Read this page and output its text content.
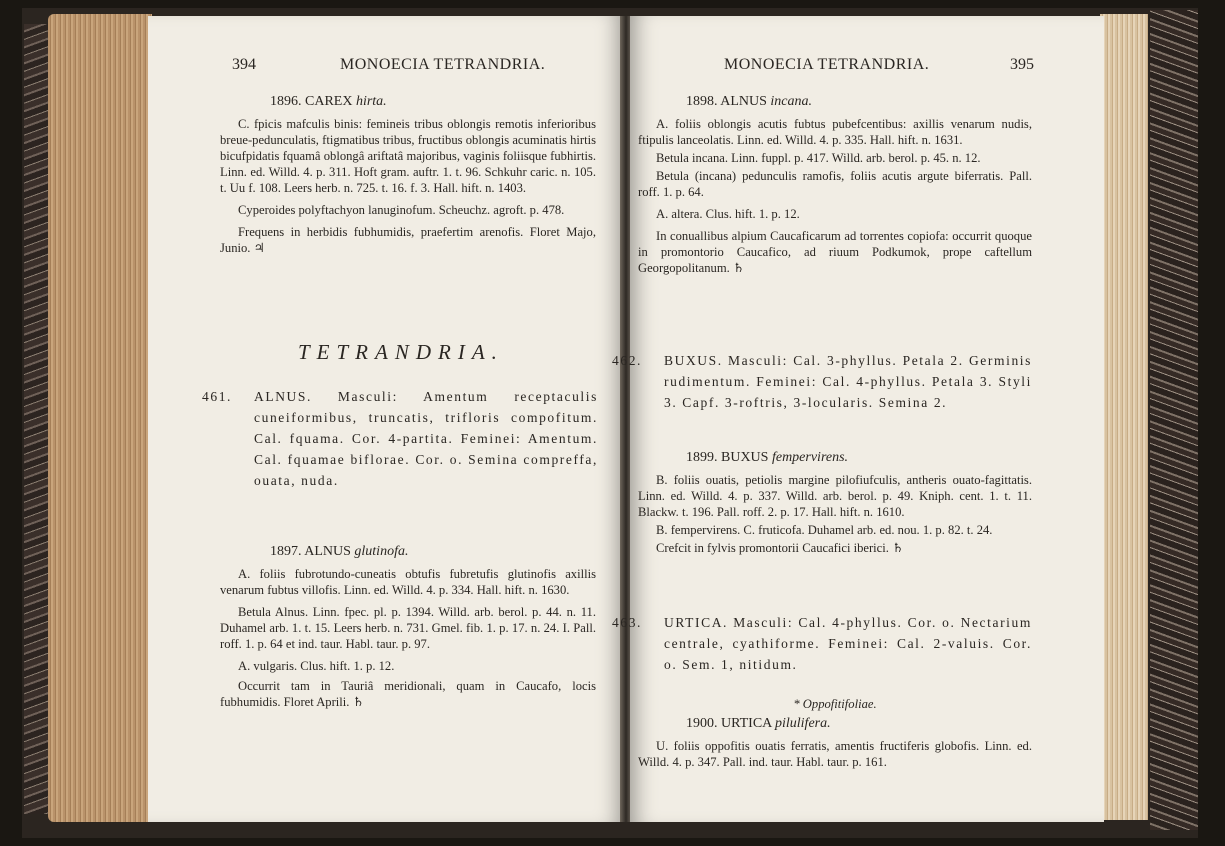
394	MONOECIA TETRANDRIA.
1896. CAREX hirta.

C. fpicis mafculis binis: femineis tribus oblongis remotis inferioribus breue-pedunculatis, ftigmatibus tribus, fructibus oblongis acuminatis hirtis bicufpidatis fquamâ oblongâ ariftatâ majoribus, vaginis foliisque fubhirtis. Linn. ed. Willd. 4. p. 311. Hoft gram. auftr. 1. t. 96. Schkuhr caric. n. 105. t. Uu f. 108. Leers herb. n. 725. t. 16. f. 3. Hall. hift. n. 1403.

Cyperoides polyftachyon lanuginofum. Scheuchz. agroft. p. 478.

Frequens in herbidis fubhumidis, praefertim arenofis. Floret Majo, Junio. ♃

TETRANDRIA.

461. ALNUS. Masculi: Amentum receptaculis cuneiformibus, truncatis, trifloris compofitum. Cal. fquama. Cor. 4-partita. Feminei: Amentum. Cal. fquamae biflorae. Cor. o. Semina compreffa, ouata, nuda.

1897. ALNUS glutinofa.

A. foliis fubrotundo-cuneatis obtufis fubretufis glutinofis axillis venarum fubtus villofis. Linn. ed. Willd. 4. p. 334. Hall. hift. n. 1630.

Betula Alnus. Linn. fpec. pl. p. 1394. Willd. arb. berol. p. 44. n. 11. Duhamel arb. 1. t. 15. Leers herb. n. 731. Gmel. fib. 1. p. 17. n. 24. I. Pall. roff. 1. p. 64 et ind. taur. Habl. taur. p. 97.

A. vulgaris. Clus. hift. 1. p. 12.

Occurrit tam in Tauriâ meridionali, quam in Caucafo, locis fubhumidis. Floret Aprili. ♄

MONOECIA TETRANDRIA.	395
1898. ALNUS incana.

A. foliis oblongis acutis fubtus pubefcentibus: axillis venarum nudis, ftipulis lanceolatis. Linn. ed. Willd. 4. p. 335. Hall. hift. n. 1631.

Betula incana. Linn. fuppl. p. 417. Willd. arb. berol. p. 45. n. 12.

Betula (incana) pedunculis ramofis, foliis acutis argute biferratis. Pall. roff. 1. p. 64.

A. altera. Clus. hift. 1. p. 12.

In conuallibus alpium Caucaficarum ad torrentes copiofa: occurrit quoque in promontorio Caucafico, ad riuum Podkumok, prope caftellum Georgopolitanum. ♄

462. BUXUS. Masculi: Cal. 3-phyllus. Petala 2. Germinis rudimentum. Feminei: Cal. 4-phyllus. Petala 3. Styli 3. Capf. 3-roftris, 3-locularis. Semina 2.

1899. BUXUS fempervirens.

B. foliis ouatis, petiolis margine pilofiufculis, antheris ouato-fagittatis. Linn. ed. Willd. 4. p. 337. Willd. arb. berol. p. 49. Kniph. cent. 1. t. 11. Blackw. t. 196. Pall. roff. 2. p. 17. Hall. hift. n. 1610.

B. fempervirens. C. fruticofa. Duhamel arb. ed. nou. 1. p. 82. t. 24.

Crefcit in fylvis promontorii Caucafici iberici. ♄

463. URTICA. Masculi: Cal. 4-phyllus. Cor. o. Nectarium centrale, cyathiforme. Feminei: Cal. 2-valuis. Cor. o. Sem. 1, nitidum.

* Oppofitifoliae.

1900. URTICA pilulifera.

U. foliis oppofitis ouatis ferratis, amentis fructiferis globofis. Linn. ed. Willd. 4. p. 347. Pall. ind. taur. Habl. taur. p. 161.
